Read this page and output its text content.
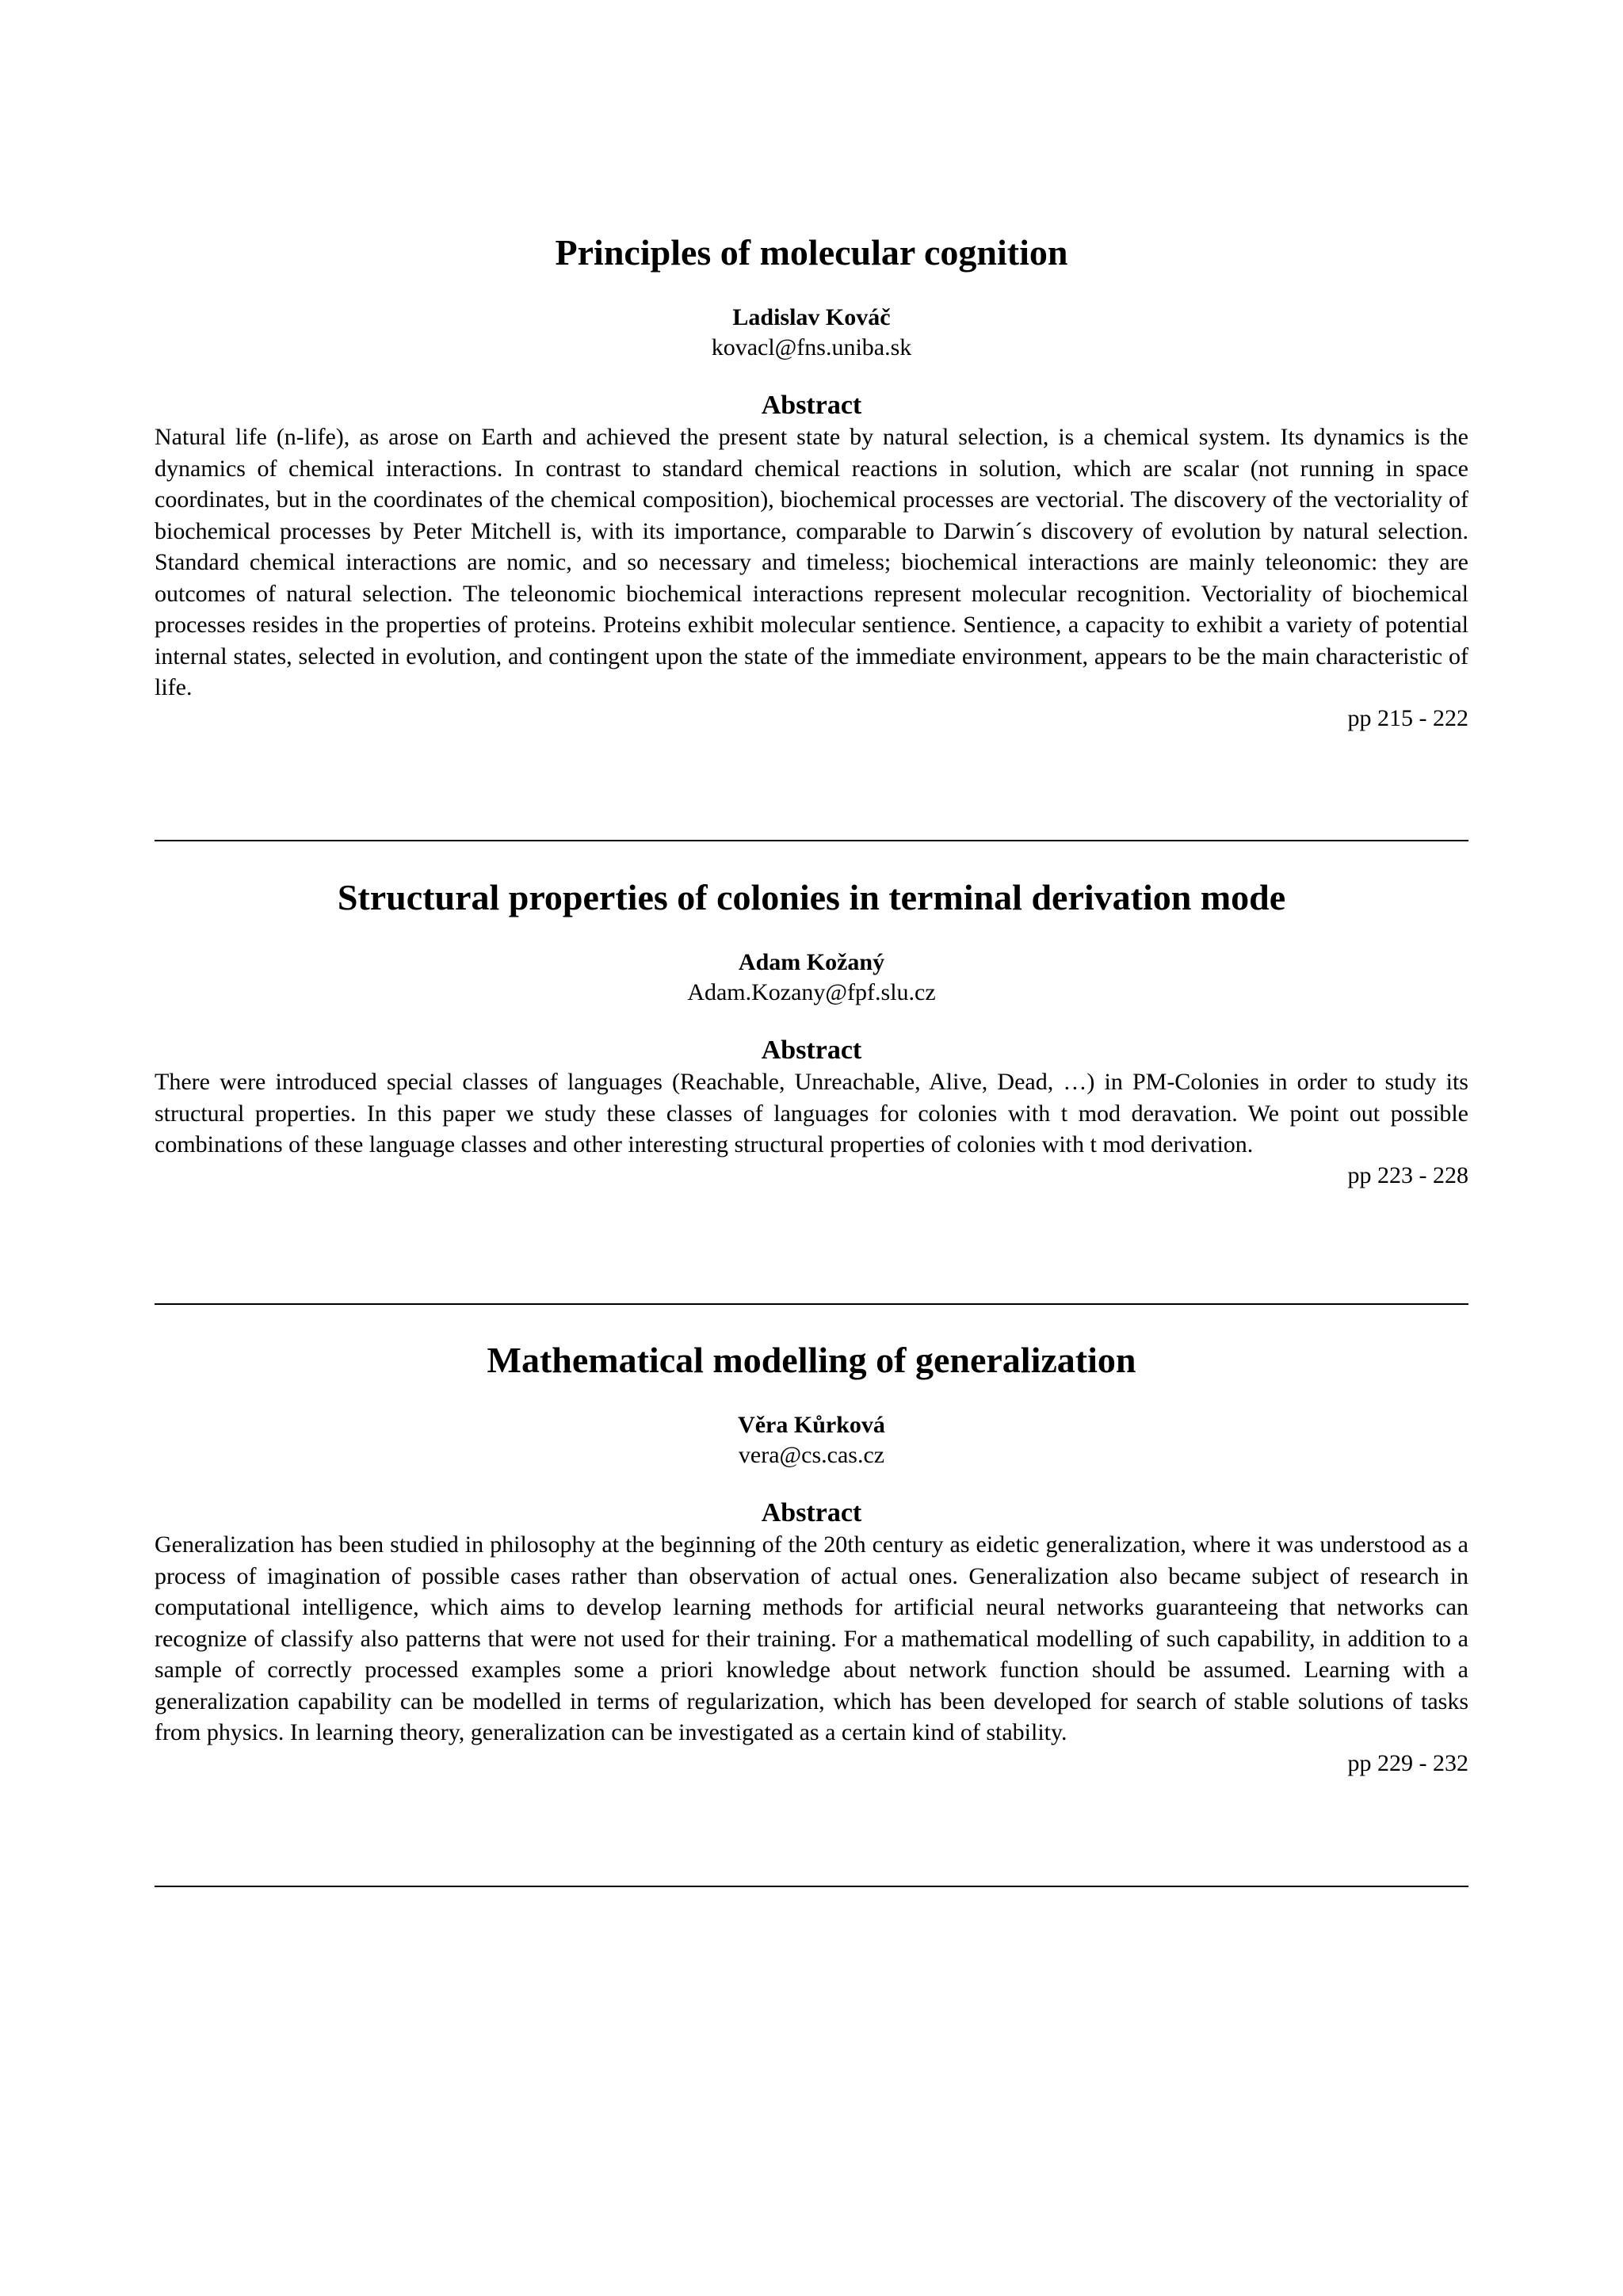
Principles of molecular cognition

Ladislav Kováč

kovacl@fns.uniba.sk

Abstract

Natural life (n-life), as arose on Earth and achieved the present state by natural selection, is a chemical system. Its dynamics is the dynamics of chemical interactions. In contrast to standard chemical reactions in solution, which are scalar (not running in space coordinates, but in the coordinates of the chemical composition), biochemical processes are vectorial. The discovery of the vectoriality of biochemical processes by Peter Mitchell is, with its importance, comparable to Darwin´s discovery of evolution by natural selection. Standard chemical interactions are nomic, and so necessary and timeless; biochemical interactions are mainly teleonomic: they are outcomes of natural selection. The teleonomic biochemical interactions represent molecular recognition. Vectoriality of biochemical processes resides in the properties of proteins. Proteins exhibit molecular sentience. Sentience, a capacity to exhibit a variety of potential internal states, selected in evolution, and contingent upon the state of the immediate environment, appears to be the main characteristic of life.

pp 215 - 222

Structural properties of colonies in terminal derivation mode

Adam Kožaný

Adam.Kozany@fpf.slu.cz

Abstract

There were introduced special classes of languages (Reachable, Unreachable, Alive, Dead, …) in PM-Colonies in order to study its structural properties. In this paper we study these classes of languages for colonies with t mod deravation. We point out possible combinations of these language classes and other interesting structural properties of colonies with t mod derivation.

pp 223 - 228

Mathematical modelling of generalization

Věra Kůrková

vera@cs.cas.cz

Abstract

Generalization has been studied in philosophy at the beginning of the 20th century as eidetic generalization, where it was understood as a process of imagination of possible cases rather than observation of actual ones. Generalization also became subject of research in computational intelligence, which aims to develop learning methods for artificial neural networks guaranteeing that networks can recognize of classify also patterns that were not used for their training. For a mathematical modelling of such capability, in addition to a sample of correctly processed examples some a priori knowledge about network function should be assumed. Learning with a generalization capability can be modelled in terms of regularization, which has been developed for search of stable solutions of tasks from physics. In learning theory, generalization can be investigated as a certain kind of stability.

pp 229 - 232
